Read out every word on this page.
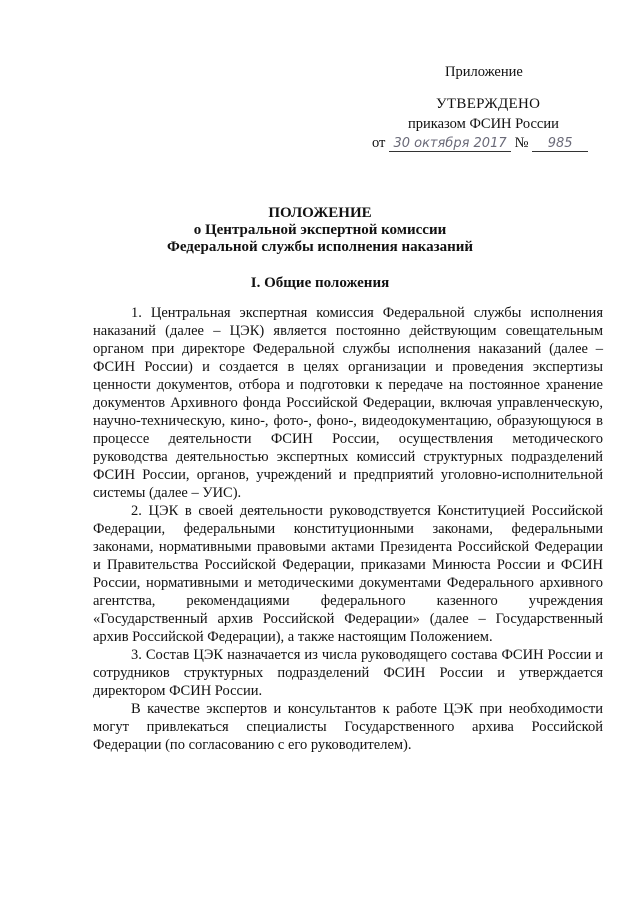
Приложение
УТВЕРЖДЕНО
приказом ФСИН России
от 30 октября 2017 № 985
ПОЛОЖЕНИЕ
о Центральной экспертной комиссии
Федеральной службы исполнения наказаний
I. Общие положения

1. Центральная экспертная комиссия Федеральной службы исполнения наказаний (далее – ЦЭК) является постоянно действующим совещательным органом при директоре Федеральной службы исполнения наказаний (далее – ФСИН России) и создается в целях организации и проведения экспертизы ценности документов, отбора и подготовки к передаче на постоянное хранение документов Архивного фонда Российской Федерации, включая управленческую, научно-техническую, кино-, фото-, фоно-, видеодокументацию, образующуюся в процессе деятельности ФСИН России, осуществления методического руководства деятельностью экспертных комиссий структурных подразделений ФСИН России, органов, учреждений и предприятий уголовно-исполнительной системы (далее – УИС).

2. ЦЭК в своей деятельности руководствуется Конституцией Российской Федерации, федеральными конституционными законами, федеральными законами, нормативными правовыми актами Президента Российской Федерации и Правительства Российской Федерации, приказами Минюста России и ФСИН России, нормативными и методическими документами Федерального архивного агентства, рекомендациями федерального казенного учреждения «Государственный архив Российской Федерации» (далее – Государственный архив Российской Федерации), а также настоящим Положением.

3. Состав ЦЭК назначается из числа руководящего состава ФСИН России и сотрудников структурных подразделений ФСИН России и утверждается директором ФСИН России.

В качестве экспертов и консультантов к работе ЦЭК при необходимости могут привлекаться специалисты Государственного архива Российской Федерации (по согласованию с его руководителем).
